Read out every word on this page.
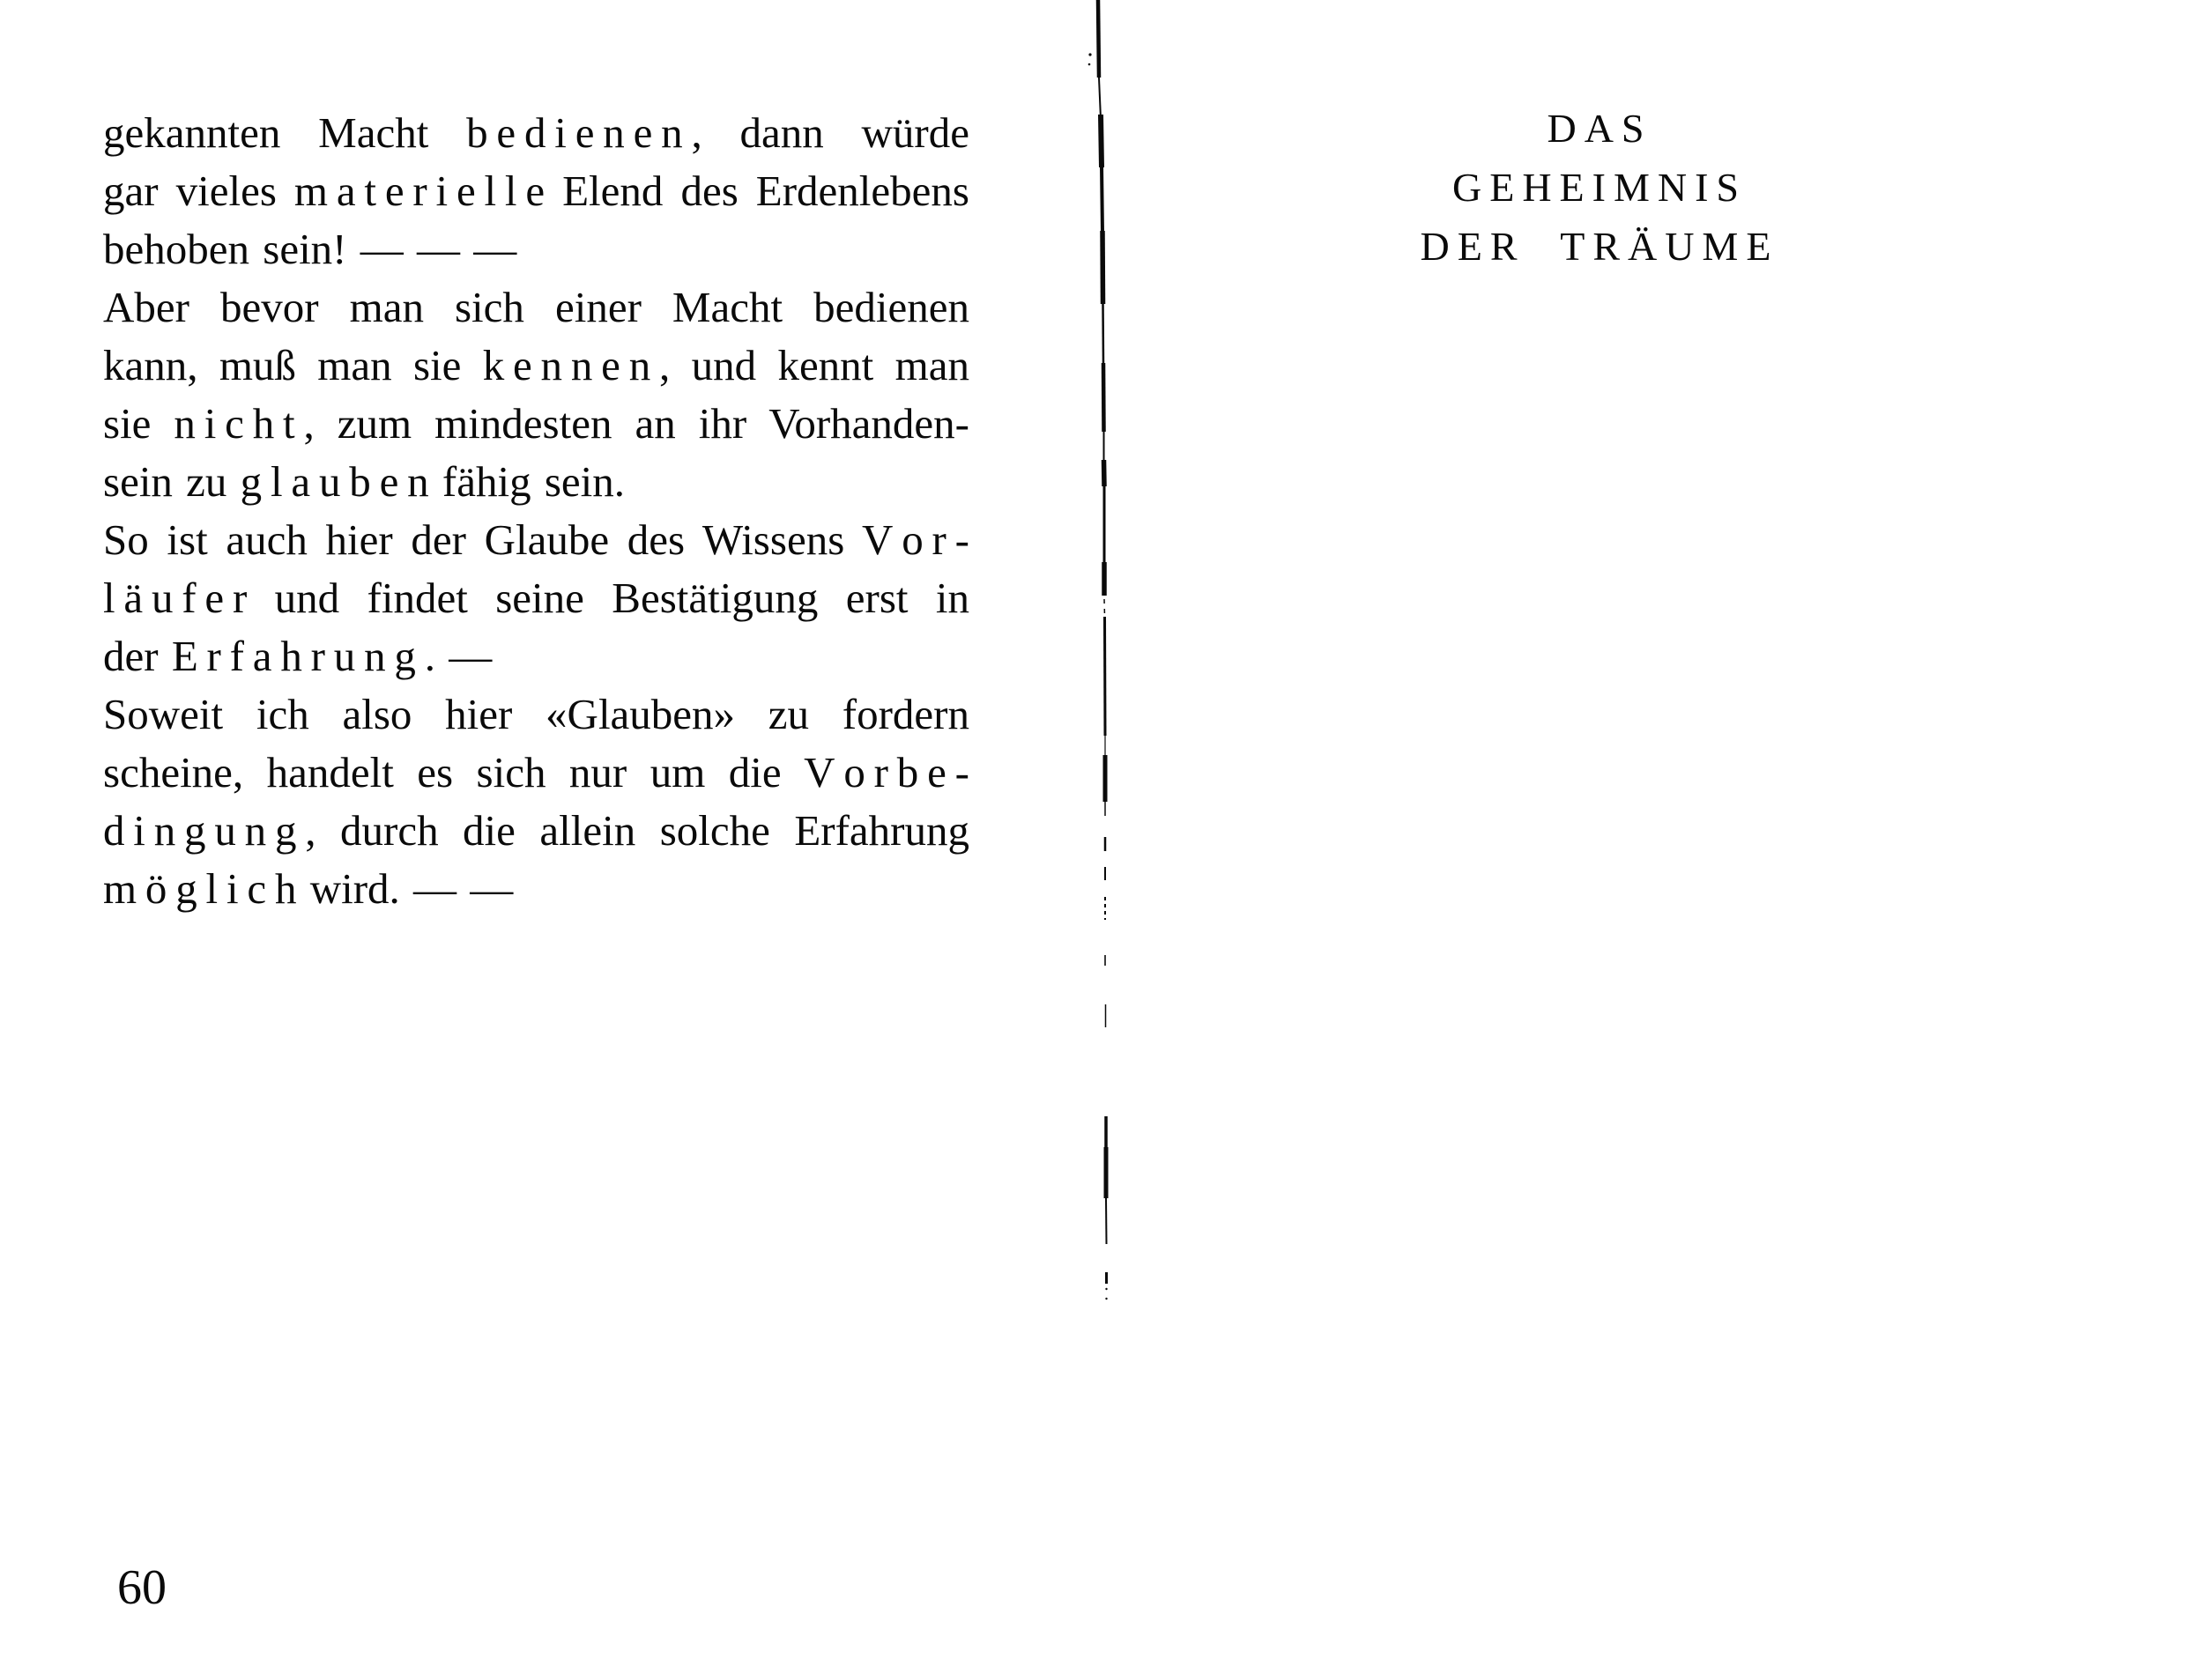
gekannten Macht b e d i e n e n , dann würde
gar vieles m a t e r i e l l e Elend des Erdenlebens
behoben sein! — — —
Aber bevor man sich einer Macht bedienen
kann, muß man sie k e n n e n , und kennt man
sie n i c h t , zum mindesten an ihr Vorhanden-
sein zu g l a u b e n fähig sein.
So ist auch hier der Glaube des Wissens V o r -
l ä u f e r und findet seine Bestätigung erst in
der E r f a h r u n g . —
Soweit ich also hier «Glauben» zu fordern
scheine, handelt es sich nur um die V o r b e -
d i n g u n g , durch die allein solche Erfahrung
m ö g l i c h wird. — —
60
DAS GEHEIMNIS
DER TRÄUME
